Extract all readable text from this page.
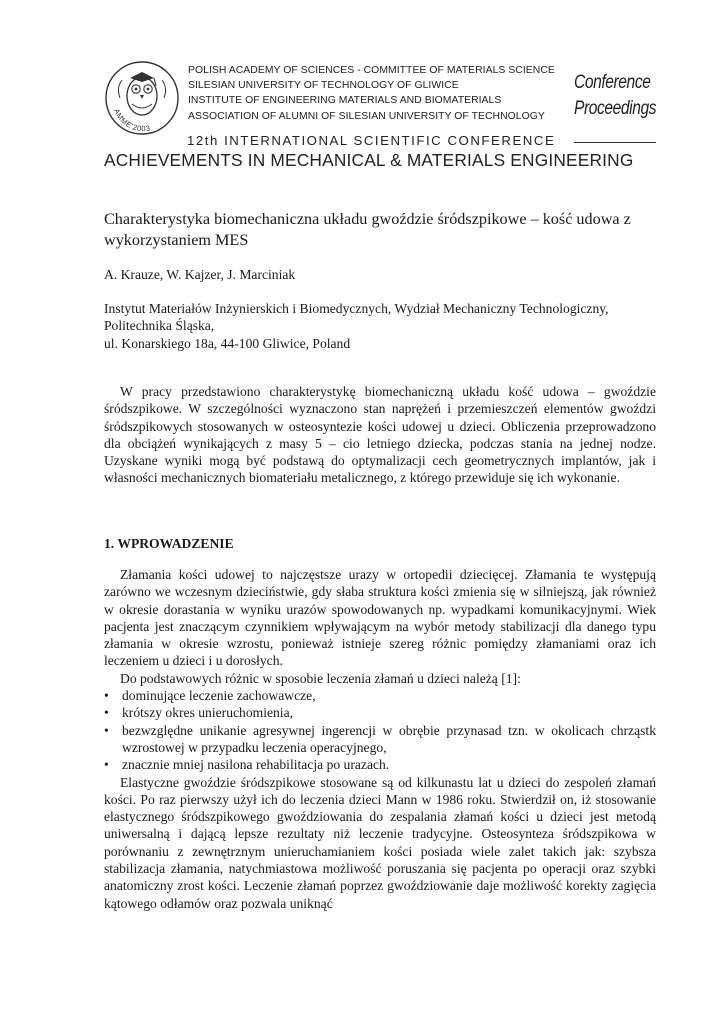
AMME'2003
POLISH ACADEMY OF SCIENCES - COMMITTEE OF MATERIALS SCIENCE
SILESIAN UNIVERSITY OF TECHNOLOGY OF GLIWICE
INSTITUTE OF ENGINEERING MATERIALS AND BIOMATERIALS
ASSOCIATION OF ALUMNI OF SILESIAN UNIVERSITY OF TECHNOLOGY
Conference
Proceedings
12th INTERNATIONAL SCIENTIFIC CONFERENCE
ACHIEVEMENTS IN MECHANICAL & MATERIALS ENGINEERING
Charakterystyka biomechaniczna układu gwoździe śródszpikowe – kość udowa z wykorzystaniem MES
A. Krauze, W. Kajzer, J. Marciniak
Instytut Materiałów Inżynierskich i Biomedycznych, Wydział Mechaniczny Technologiczny,
Politechnika Śląska,
ul. Konarskiego 18a, 44-100 Gliwice, Poland

W pracy przedstawiono charakterystykę biomechaniczną układu kość udowa – gwoździe śródszpikowe. W szczególności wyznaczono stan naprężeń i przemieszczeń elementów gwoździ śródszpikowych stosowanych w osteosyntezie kości udowej u dzieci. Obliczenia przeprowadzono dla obciążeń wynikających z masy 5 – cio letniego dziecka, podczas stania na jednej nodze. Uzyskane wyniki mogą być podstawą do optymalizacji cech geometrycznych implantów, jak i własności mechanicznych biomateriału metalicznego, z którego przewiduje się ich wykonanie.

1. WPROWADZENIE

Złamania kości udowej to najczęstsze urazy w ortopedii dziecięcej. Złamania te występują zarówno we wczesnym dzieciństwie, gdy słaba struktura kości zmienia się w silniejszą, jak również w okresie dorastania w wyniku urazów spowodowanych np. wypadkami komunikacyjnymi. Wiek pacjenta jest znaczącym czynnikiem wpływającym na wybór metody stabilizacji dla danego typu złamania w okresie wzrostu, ponieważ istnieje szereg różnic pomiędzy złamaniami oraz ich leczeniem u dzieci i u dorosłych.

Do podstawowych różnic w sposobie leczenia złamań u dzieci należą [1]:

• dominujące leczenie zachowawcze,
• krótszy okres unieruchomienia,
• bezwzględne unikanie agresywnej ingerencji w obrębie przynasad tzn. w okolicach chrząstk wzrostowej w przypadku leczenia operacyjnego,
• znacznie mniej nasilona rehabilitacja po urazach.

Elastyczne gwoździe śródszpikowe stosowane są od kilkunastu lat u dzieci do zespoleń złamań kości. Po raz pierwszy użył ich do leczenia dzieci Mann w 1986 roku. Stwierdził on, iż stosowanie elastycznego śródszpikowego gwoździowania do zespalania złamań kości u dzieci jest metodą uniwersalną i dającą lepsze rezultaty niż leczenie tradycyjne. Osteosynteza śródszpikowa w porównaniu z zewnętrznym unieruchamianiem kości posiada wiele zalet takich jak: szybsza stabilizacja złamania, natychmiastowa możliwość poruszania się pacjenta po operacji oraz szybki anatomiczny zrost kości. Leczenie złamań poprzez gwoździowanie daje możliwość korekty zagięcia kątowego odłamów oraz pozwala uniknąć
